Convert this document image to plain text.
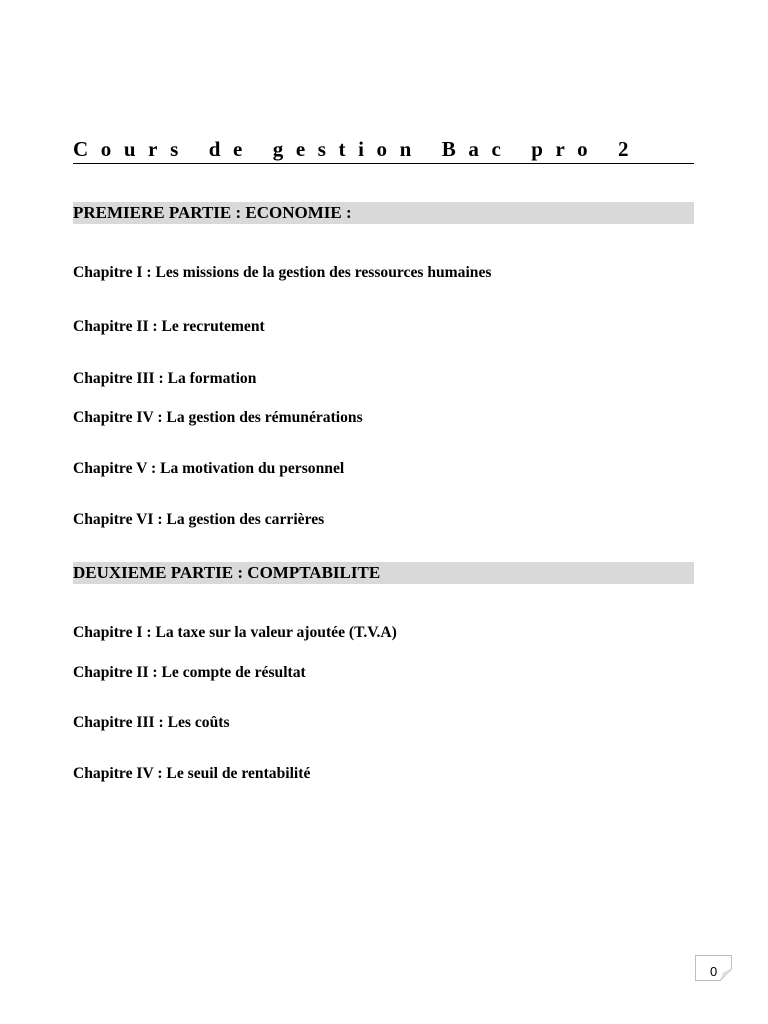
Cours de gestion Bac pro 2
PREMIERE PARTIE : ECONOMIE :
Chapitre I : Les missions de la gestion des ressources humaines
Chapitre II : Le recrutement
Chapitre III : La formation
Chapitre IV : La gestion des rémunérations
Chapitre V : La motivation du personnel
Chapitre VI : La gestion des carrières
DEUXIEME PARTIE : COMPTABILITE
Chapitre I : La taxe sur la valeur ajoutée (T.V.A)
Chapitre II : Le compte de résultat
Chapitre III : Les coûts
Chapitre IV : Le seuil de rentabilité
0
